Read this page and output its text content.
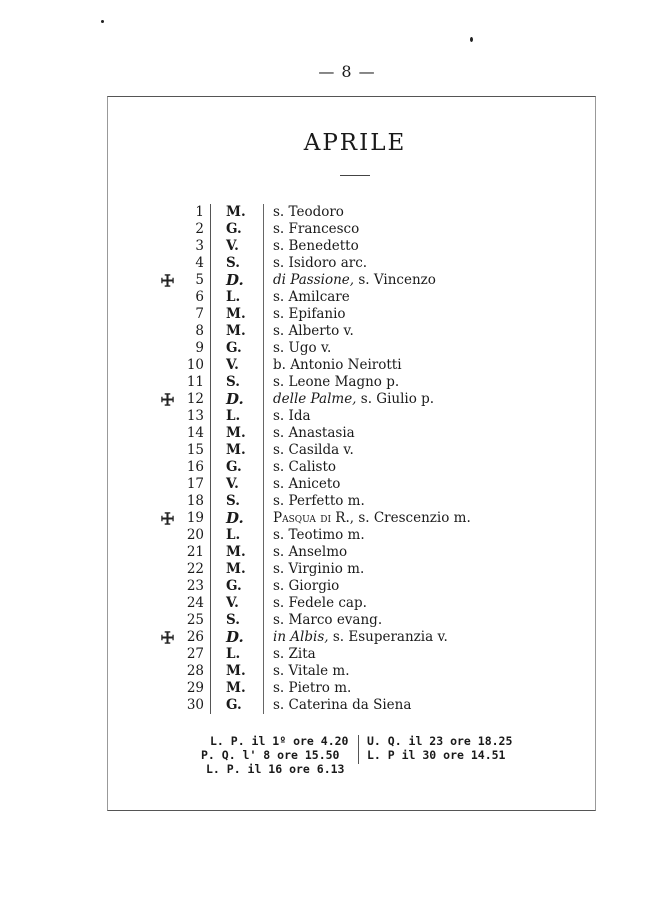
— 8 —
APRILE
1 M. s. Teodoro
2 G. s. Francesco
3 V.	s. Benedetto
4 S. s. Isidoro arc.
5 D. di Passione, s. Vincenzo
6 L. s. Amilcare
7 M. s. Epifanio
8 M. s. Alberto v.
9 G. s. Ugo v.
10 V.	b. Antonio Neirotti
11 S. s. Leone Magno p.
12 D. delle Palme, s. Giulio p.
13 L. s. Ida
14 M. s. Anastasia
15 M. s. Casilda v.
16 G. s. Calisto
17 V.	s. Aniceto
18 S. s. Perfetto m.
19 D. Pasqua di R., s. Crescenzio m.
20 L. s. Teotimo m.
21 M. s. Anselmo
22 M. s. Virginio m.
23 G. s. Giorgio
24 V.	s. Fedele cap.
25 S. s. Marco evang.
26 D. in Albis, s. Esuperanzia v.
27 L. s. Zita
28 M. s. Vitale m.
29 M. s. Pietro m.
30 G. s. Caterina da Siena
L. P. il 1º ore 4.20
P. Q. l' 8 ore 15.50
L. P. il 16 ore 6.13
U. Q. il 23 ore 18.25
L. P il 30 ore 14.51
